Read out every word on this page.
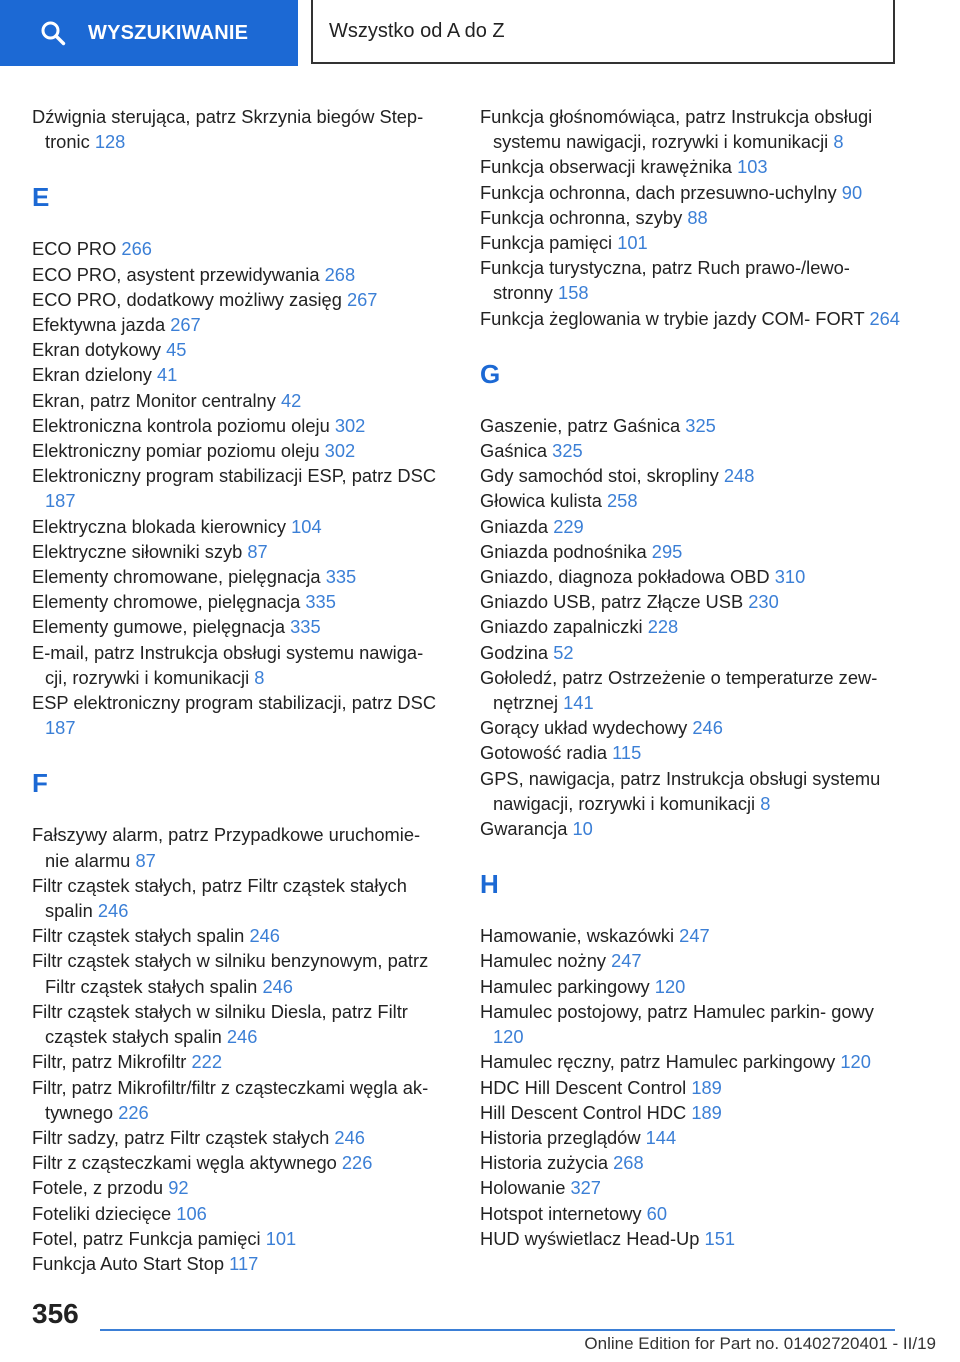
WYSZUKIWANIE	Wszystko od A do Z
Dźwignia sterująca, patrz Skrzynia biegów Step‐ tronic 128
E
ECO PRO 266
ECO PRO, asystent przewidywania 268
ECO PRO, dodatkowy możliwy zasięg 267
Efektywna jazda 267
Ekran dotykowy 45
Ekran dzielony 41
Ekran, patrz Monitor centralny 42
Elektroniczna kontrola poziomu oleju 302
Elektroniczny pomiar poziomu oleju 302
Elektroniczny program stabilizacji ESP, patrz DSC 187
Elektryczna blokada kierownicy 104
Elektryczne siłowniki szyb 87
Elementy chromowane, pielęgnacja 335
Elementy chromowe, pielęgnacja 335
Elementy gumowe, pielęgnacja 335
E-mail, patrz Instrukcja obsługi systemu nawiga‐ cji, rozrywki i komunikacji 8
ESP elektroniczny program stabilizacji, patrz DSC 187
F
Fałszywy alarm, patrz Przypadkowe uruchomie‐ nie alarmu 87
Filtr cząstek stałych, patrz Filtr cząstek stałych spalin 246
Filtr cząstek stałych spalin 246
Filtr cząstek stałych w silniku benzynowym, patrz Filtr cząstek stałych spalin 246
Filtr cząstek stałych w silniku Diesla, patrz Filtr cząstek stałych spalin 246
Filtr, patrz Mikrofiltr 222
Filtr, patrz Mikrofiltr/filtr z cząsteczkami węgla ak‐ tywnego 226
Filtr sadzy, patrz Filtr cząstek stałych 246
Filtr z cząsteczkami węgla aktywnego 226
Fotele, z przodu 92
Foteliki dziecięce 106
Fotel, patrz Funkcja pamięci 101
Funkcja Auto Start Stop 117
Funkcja głośnomówiąca, patrz Instrukcja obsługi systemu nawigacji, rozrywki i komunikacji 8
Funkcja obserwacji krawężnika 103
Funkcja ochronna, dach przesuwno-uchylny 90
Funkcja ochronna, szyby 88
Funkcja pamięci 101
Funkcja turystyczna, patrz Ruch prawo-/lewo‐ stronny 158
Funkcja żeglowania w trybie jazdy COM‐ FORT 264
G
Gaszenie, patrz Gaśnica 325
Gaśnica 325
Gdy samochód stoi, skropliny 248
Głowica kulista 258
Gniazda 229
Gniazda podnośnika 295
Gniazdo, diagnoza pokładowa OBD 310
Gniazdo USB, patrz Złącze USB 230
Gniazdo zapalniczki 228
Godzina 52
Gołoledź, patrz Ostrzeżenie o temperaturze zew‐ nętrznej 141
Gorący układ wydechowy 246
Gotowość radia 115
GPS, nawigacja, patrz Instrukcja obsługi systemu nawigacji, rozrywki i komunikacji 8
Gwarancja 10
H
Hamowanie, wskazówki 247
Hamulec nożny 247
Hamulec parkingowy 120
Hamulec postojowy, patrz Hamulec parkin‐ gowy 120
Hamulec ręczny, patrz Hamulec parkingowy 120
HDC Hill Descent Control 189
Hill Descent Control HDC 189
Historia przeglądów 144
Historia zużycia 268
Holowanie 327
Hotspot internetowy 60
HUD wyświetlacz Head-Up 151
356
Online Edition for Part no. 01402720401 - II/19
